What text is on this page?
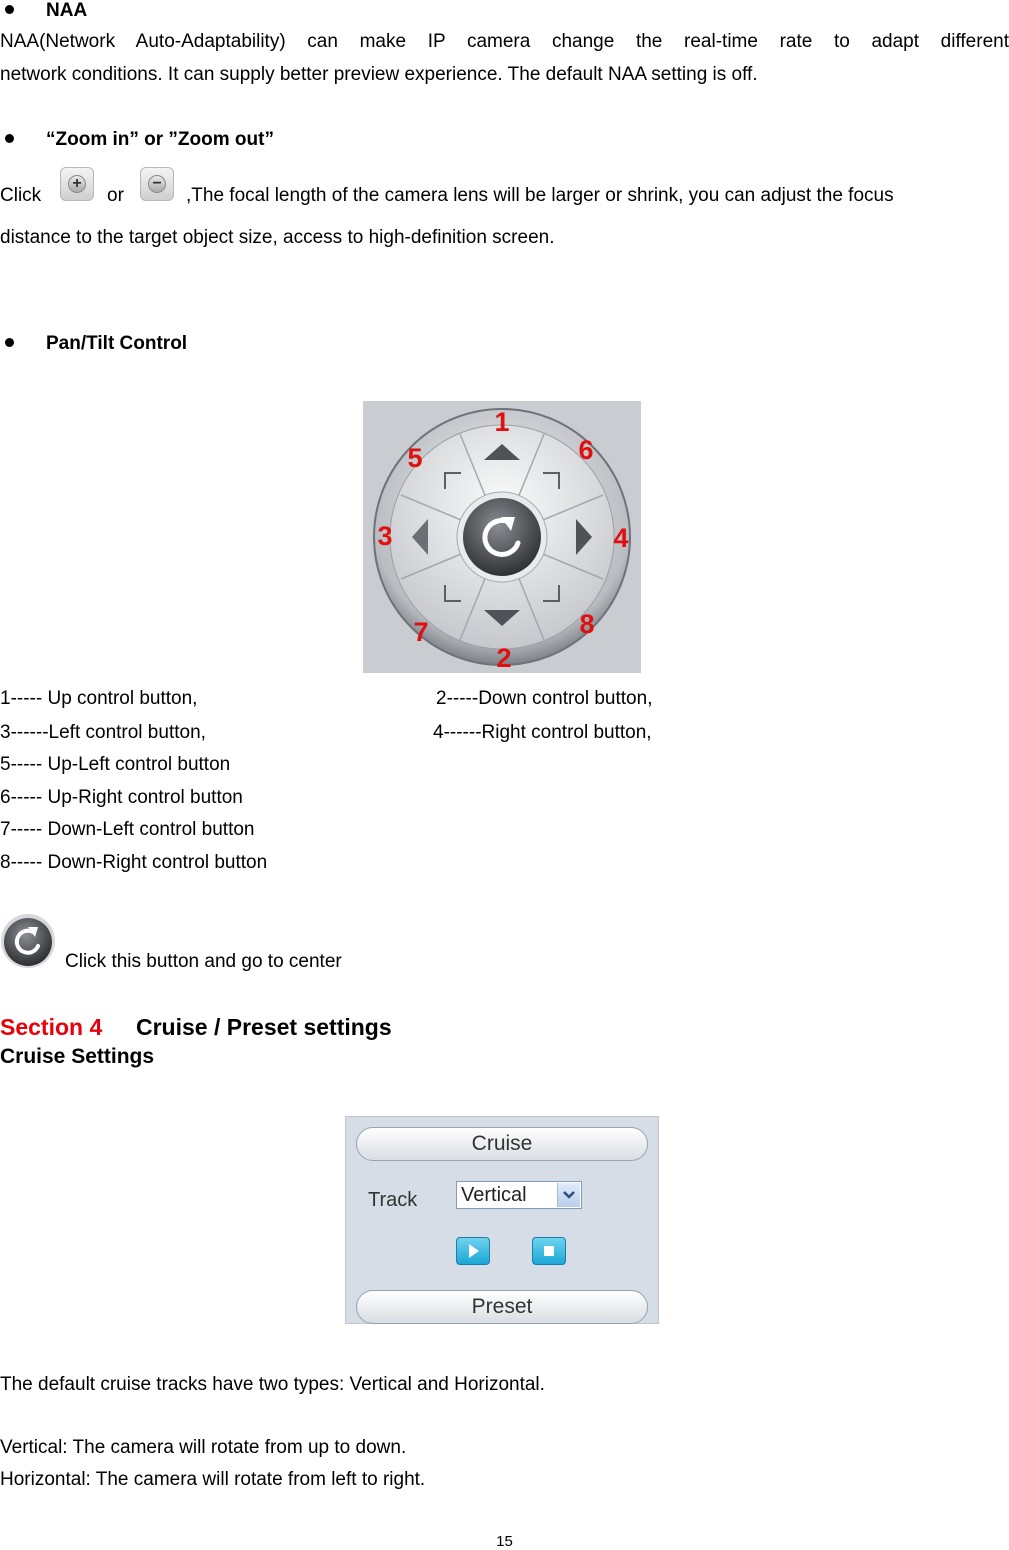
NAA
NAA(Network Auto-Adaptability) can make IP camera change the real-time rate to adapt different
network conditions. It can supply better preview experience. The default NAA setting is off.
“Zoom in” or ”Zoom out”
Click
+
or
−
,The focal length of the camera lens will be larger or shrink, you can adjust the focus
distance to the target object size, access to high-definition screen.
Pan/Tilt Control
1
2
3	4
5	6
7	8
1----- Up control button,	2-----Down control button,
3------Left control button,	4------Right control button,
5----- Up-Left control button
6----- Up-Right control button
7----- Down-Left control button
8----- Down-Right control button
Click this button and go to center
Section 4 Cruise / Preset settings
Cruise Settings
Cruise
Track Vertical
Preset
The default cruise tracks have two types: Vertical and Horizontal.
Vertical: The camera will rotate from up to down.
Horizontal: The camera will rotate from left to right.
15
